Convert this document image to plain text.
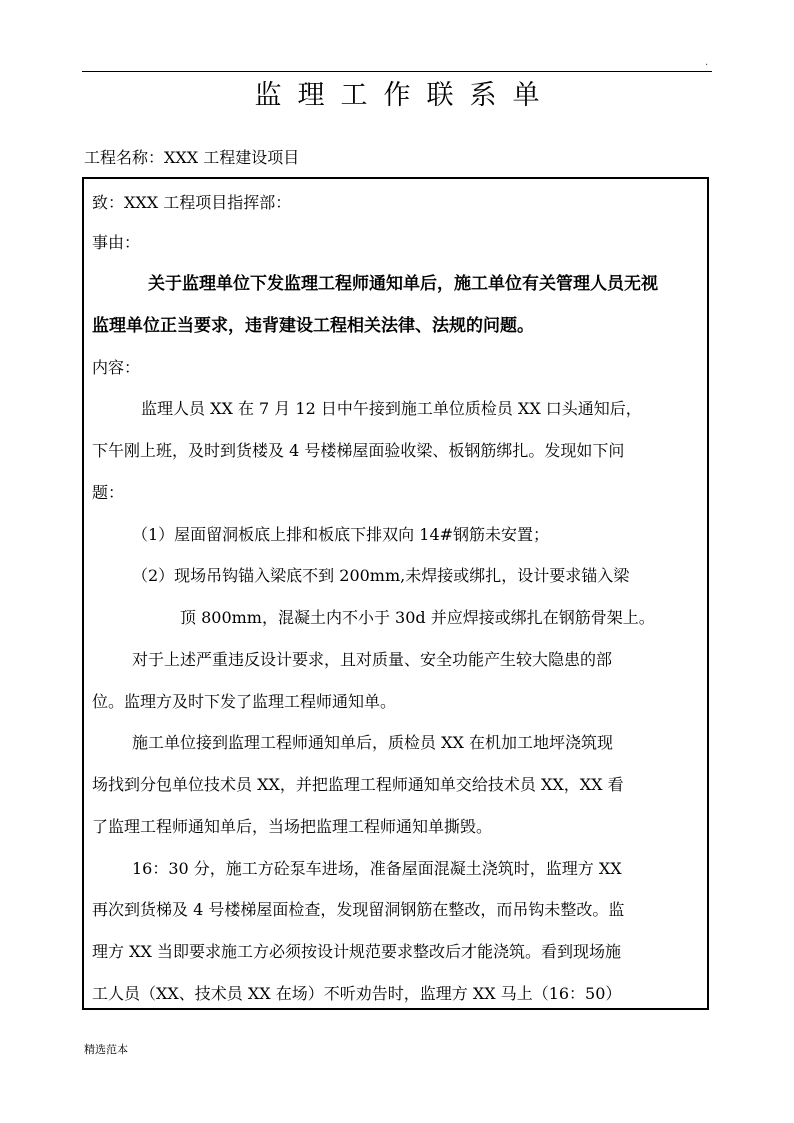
.
监理工作联系单
工程名称：XXX 工程建设项目
致：XXX 工程项目指挥部：
事由：
关于监理单位下发监理工程师通知单后，施工单位有关管理人员无视
监理单位正当要求，违背建设工程相关法律、法规的问题。
内容：
监理人员 XX 在 7 月 12 日中午接到施工单位质检员 XX 口头通知后，
下午刚上班，及时到货楼及 4 号楼梯屋面验收梁、板钢筋绑扎。发现如下问
题：
（1）屋面留洞板底上排和板底下排双向 14#钢筋未安置；
（2）现场吊钩锚入梁底不到 200mm,未焊接或绑扎，设计要求锚入梁
顶 800mm，混凝土内不小于 30d 并应焊接或绑扎在钢筋骨架上。
对于上述严重违反设计要求，且对质量、安全功能产生较大隐患的部
位。监理方及时下发了监理工程师通知单。
施工单位接到监理工程师通知单后，质检员 XX 在机加工地坪浇筑现
场找到分包单位技术员 XX，并把监理工程师通知单交给技术员 XX，XX 看
了监理工程师通知单后，当场把监理工程师通知单撕毁。
16：30 分，施工方砼泵车进场，准备屋面混凝土浇筑时，监理方 XX
再次到货梯及 4 号楼梯屋面检查，发现留洞钢筋在整改，而吊钩未整改。监
理方 XX 当即要求施工方必须按设计规范要求整改后才能浇筑。看到现场施
工人员（XX、技术员 XX 在场）不听劝告时，监理方 XX 马上（16：50）
精选范本
